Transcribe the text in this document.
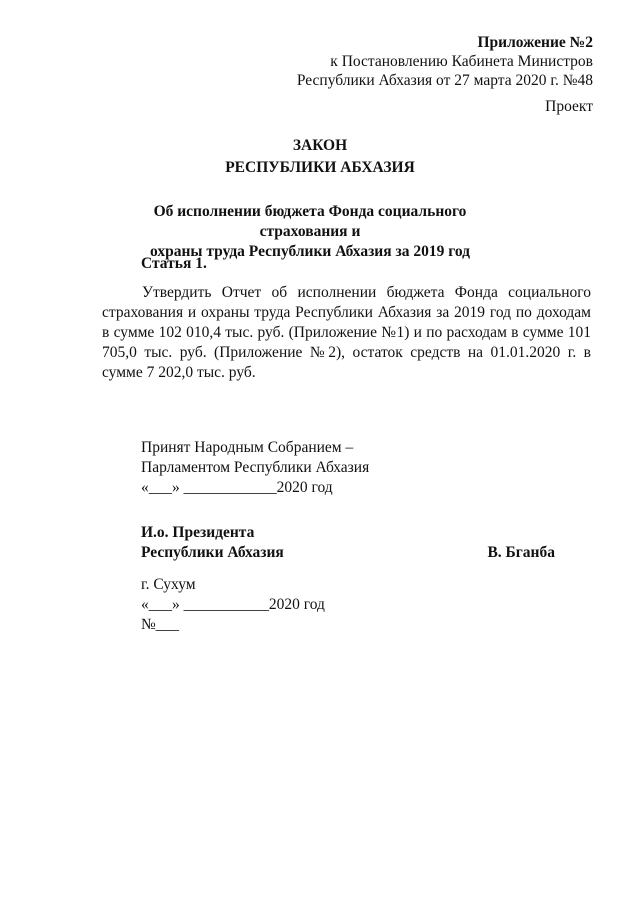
Приложение №2
к Постановлению Кабинета Министров
Республики Абхазия от 27 марта 2020 г. №48
Проект
ЗАКОН
РЕСПУБЛИКИ АБХАЗИЯ
Об исполнении бюджета Фонда социального страхования и
охраны труда Республики Абхазия за 2019 год
Статья 1.
Утвердить Отчет об исполнении бюджета Фонда социального страхования и охраны труда Республики Абхазия за 2019 год по доходам в сумме 102 010,4 тыс. руб. (Приложение №1) и по расходам в сумме 101 705,0 тыс. руб. (Приложение №2), остаток средств на 01.01.2020 г. в сумме 7 202,0 тыс. руб.
Принят Народным Собранием –
Парламентом Республики Абхазия
«___» ____________2020 год
И.о. Президента
Республики Абхазия	В. Бганба
г. Сухум
«___» ___________2020 год
№___
